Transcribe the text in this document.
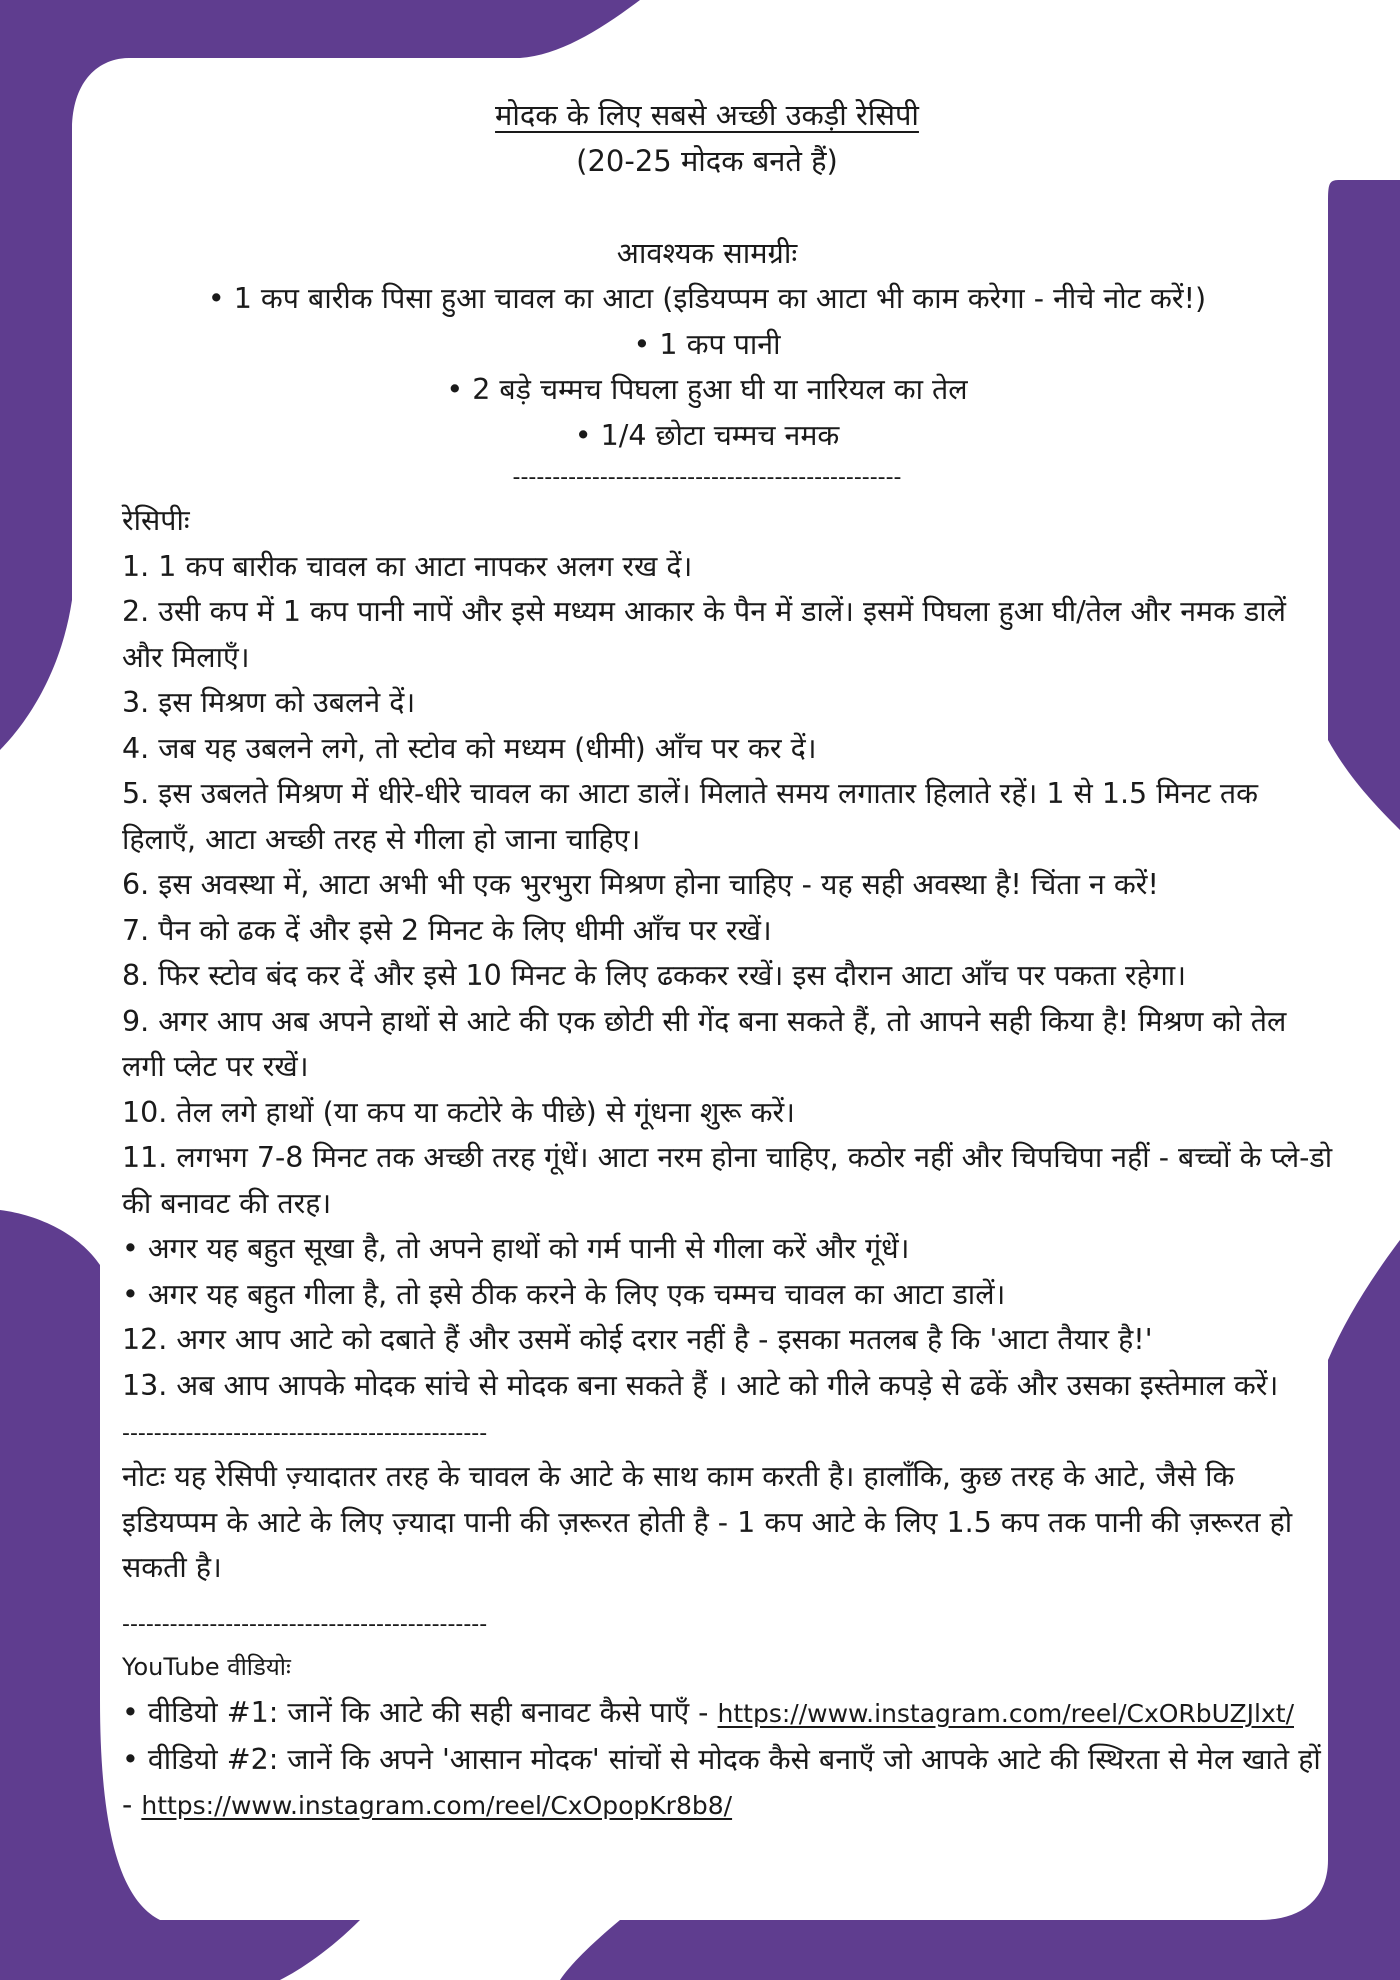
मोदक के लिए सबसे अच्छी उकड़ी रेसिपी
(20-25 मोदक बनते हैं)
आवश्यक सामग्रीः
• 1 कप बारीक पिसा हुआ चावल का आटा (इडियप्पम का आटा भी काम करेगा - नीचे नोट करें!)
• 1 कप पानी
• 2 बड़े चम्मच पिघला हुआ घी या नारियल का तेल
• 1/4 छोटा चम्मच नमक
-------------------------------------------------
रेसिपीः
1. 1 कप बारीक चावल का आटा नापकर अलग रख दें।
2. उसी कप में 1 कप पानी नापें और इसे मध्यम आकार के पैन में डालें। इसमें पिघला हुआ घी/तेल और नमक डालें और मिलाएँ।
3. इस मिश्रण को उबलने दें।
4. जब यह उबलने लगे, तो स्टोव को मध्यम (धीमी) आँच पर कर दें।
5. इस उबलते मिश्रण में धीरे-धीरे चावल का आटा डालें। मिलाते समय लगातार हिलाते रहें। 1 से 1.5 मिनट तक हिलाएँ, आटा अच्छी तरह से गीला हो जाना चाहिए।
6. इस अवस्था में, आटा अभी भी एक भुरभुरा मिश्रण होना चाहिए - यह सही अवस्था है! चिंता न करें!
7. पैन को ढक दें और इसे 2 मिनट के लिए धीमी आँच पर रखें।
8. फिर स्टोव बंद कर दें और इसे 10 मिनट के लिए ढककर रखें। इस दौरान आटा आँच पर पकता रहेगा।
9. अगर आप अब अपने हाथों से आटे की एक छोटी सी गेंद बना सकते हैं, तो आपने सही किया है! मिश्रण को तेल लगी प्लेट पर रखें।
10. तेल लगे हाथों (या कप या कटोरे के पीछे) से गूंधना शुरू करें।
11. लगभग 7-8 मिनट तक अच्छी तरह गूंधें। आटा नरम होना चाहिए, कठोर नहीं और चिपचिपा नहीं - बच्चों के प्ले-डो की बनावट की तरह।
• अगर यह बहुत सूखा है, तो अपने हाथों को गर्म पानी से गीला करें और गूंधें।
• अगर यह बहुत गीला है, तो इसे ठीक करने के लिए एक चम्मच चावल का आटा डालें।
12. अगर आप आटे को दबाते हैं और उसमें कोई दरार नहीं है - इसका मतलब है कि 'आटा तैयार है!'
13. अब आप आपके मोदक सांचे से मोदक बना सकते हैं । आटे को गीले कपड़े से ढकें और उसका इस्तेमाल करें।
----------------------------------------------
नोटः यह रेसिपी ज़्यादातर तरह के चावल के आटे के साथ काम करती है। हालाँकि, कुछ तरह के आटे, जैसे कि इडियप्पम के आटे के लिए ज़्यादा पानी की ज़रूरत होती है - 1 कप आटे के लिए 1.5 कप तक पानी की ज़रूरत हो सकती है।
----------------------------------------------
YouTube वीडियोः
• वीडियो #1: जानें कि आटे की सही बनावट कैसे पाएँ - https://www.instagram.com/reel/CxORbUZJlxt/
• वीडियो #2: जानें कि अपने 'आसान मोदक' सांचों से मोदक कैसे बनाएँ जो आपके आटे की स्थिरता से मेल खाते हों - https://www.instagram.com/reel/CxOpopKr8b8/
